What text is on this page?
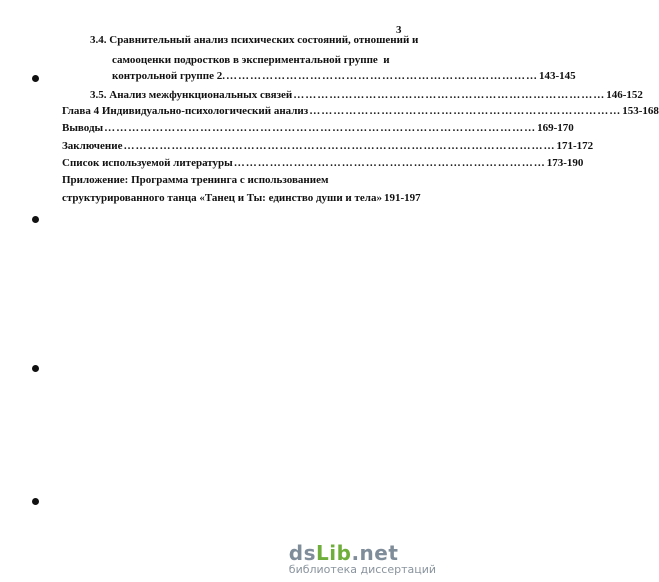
3
3.4. Сравнительный анализ психических состояний, отношений и
самооценки подростков в экспериментальной группе  и
контрольной группе 2. …………………………………………………………………… 143-145
3.5. Анализ межфункциональных связей …………………………………………………………………… 146-152
Глава 4 Индивидуально-психологический анализ …………………………………………………………………… 153-168
Выводы ……………………………………………………………………………………………… 169-170
Заключение ……………………………………………………………………………………………… 171-172
Список используемой литературы …………………………………………………………………… 173-190
Приложение: Программа тренинга с использованием
структурированного танца «Танец и Ты: единство души и тела» 191-197
dsLib.net
библиотека диссертаций
